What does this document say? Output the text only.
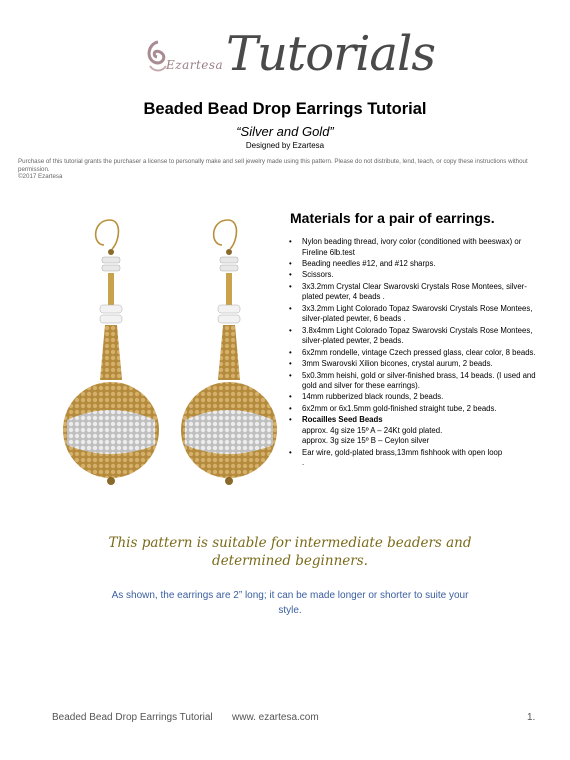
Ezartesa Tutorials
Beaded Bead Drop Earrings Tutorial
“Silver and Gold”
Designed by Ezartesa
Purchase of this tutorial grants the purchaser a license to personally make and sell jewelry made using this pattern. Please do not distribute, lend, teach, or copy these instructions without permission.
©2017 Ezartesa
Materials for a pair of earrings.
• Nylon beading thread, ivory color (conditioned with beeswax) or Fireline 6lb.test
• Beading needles #12, and #12 sharps.
• Scissors.
• 3x3.2mm Crystal Clear Swarovski Crystals Rose Montees, silver-plated pewter, 4 beads .
• 3x3.2mm Light Colorado Topaz Swarovski Crystals Rose Montees, silver-plated pewter, 6 beads .
• 3.8x4mm Light Colorado Topaz Swarovski Crystals Rose Montees, silver-plated pewter, 2 beads.
• 6x2mm rondelle, vintage Czech pressed glass, clear color, 8 beads.
• 3mm Swarovski Xilion bicones, crystal aurum, 2 beads.
• 5x0.3mm heishi, gold or silver-finished brass, 14 beads. (I used and gold and silver for these earrings).
• 14mm rubberized black rounds, 2 beads.
• 6x2mm or 6x1.5mm gold-finished straight tube, 2 beads.
• Rocailles Seed Beads
approx. 4g size 15º A – 24Kt gold plated.
approx. 3g size 15º B – Ceylon silver
• Ear wire, gold-plated brass,13mm fishhook with open loop
.
This pattern is suitable for intermediate beaders and determined beginners.
As shown, the earrings are 2” long; it can be made longer or shorter to suite your style.
Beaded Bead Drop Earrings Tutorial www. ezartesa.com	1.
